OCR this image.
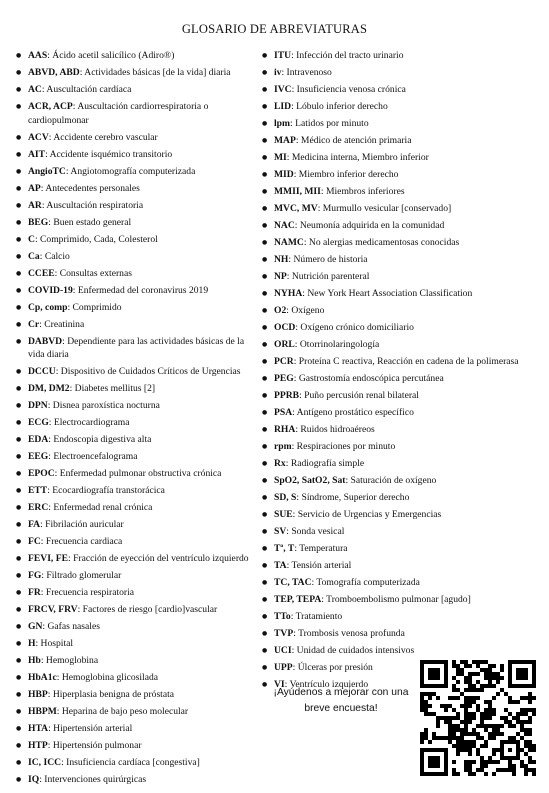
GLOSARIO DE ABREVIATURAS
● AAS: Ácido acetil salicílico (Adiro®)
● ABVD, ABD: Actividades básicas [de la vida] diaria
● AC: Auscultación cardíaca
● ACR, ACP: Auscultación cardiorrespiratoria o cardiopulmonar
● ACV: Accidente cerebro vascular
● AIT: Accidente isquémico transitorio
● AngioTC: Angiotomografía computerizada
● AP: Antecedentes personales
● AR: Auscultación respiratoria
● BEG: Buen estado general
● C: Comprimido, Cada, Colesterol
● Ca: Calcio
● CCEE: Consultas externas
● COVID-19: Enfermedad del coronavirus 2019
● Cp, comp: Comprimido
● Cr: Creatinina
● DABVD: Dependiente para las actividades básicas de la vida diaria
● DCCU: Dispositivo de Cuidados Críticos de Urgencias
● DM, DM2: Diabetes mellitus [2]
● DPN: Disnea paroxística nocturna
● ECG: Electrocardiograma
● EDA: Endoscopia digestiva alta
● EEG: Electroencefalograma
● EPOC: Enfermedad pulmonar obstructiva crónica
● ETT: Ecocardiografía transtorácica
● ERC: Enfermedad renal crónica
● FA: Fibrilación auricular
● FC: Frecuencia cardiaca
● FEVI, FE: Fracción de eyección del ventrículo izquierdo
● FG: Filtrado glomerular
● FR: Frecuencia respiratoria
● FRCV, FRV: Factores de riesgo [cardio]vascular
● GN: Gafas nasales
● H: Hospital
● Hb: Hemoglobina
● HbA1c: Hemoglobina glicosilada
● HBP: Hiperplasia benigna de próstata
● HBPM: Heparina de bajo peso molecular
● HTA: Hipertensión arterial
● HTP: Hipertensión pulmonar
● IC, ICC: Insuficiencia cardíaca [congestiva]
● IQ: Intervenciones quirúrgicas
● ITU: Infección del tracto urinario
● iv: Intravenoso
● IVC: Insuficiencia venosa crónica
● LID: Lóbulo inferior derecho
● lpm: Latidos por minuto
● MAP: Médico de atención primaria
● MI: Medicina interna, Miembro inferior
● MID: Miembro inferior derecho
● MMII, MII: Miembros inferiores
● MVC, MV: Murmullo vesicular [conservado]
● NAC: Neumonía adquirida en la comunidad
● NAMC: No alergias medicamentosas conocidas
● NH: Número de historia
● NP: Nutrición parenteral
● NYHA: New York Heart Association Classification
● O2: Oxígeno
● OCD: Oxígeno crónico domiciliario
● ORL: Otorrinolaringología
● PCR: Proteína C reactiva, Reacción en cadena de la polimerasa
● PEG: Gastrostomía endoscópica percutánea
● PPRB: Puño percusión renal bilateral
● PSA: Antígeno prostático específico
● RHA: Ruidos hidroaéreos
● rpm: Respiraciones por minuto
● Rx: Radiografía simple
● SpO2, SatO2, Sat: Saturación de oxígeno
● SD, S: Síndrome, Superior derecho
● SUE: Servicio de Urgencias y Emergencias
● SV: Sonda vesical
● Tª, T: Temperatura
● TA: Tensión arterial
● TC, TAC: Tomografía computerizada
● TEP, TEPA: Tromboembolismo pulmonar [agudo]
● TTo: Tratamiento
● TVP: Trombosis venosa profunda
● UCI: Unidad de cuidados intensivos
● UPP: Úlceras por presión
● VI: Ventrículo izquierdo
¡Ayúdenos a mejorar con una breve encuesta!
